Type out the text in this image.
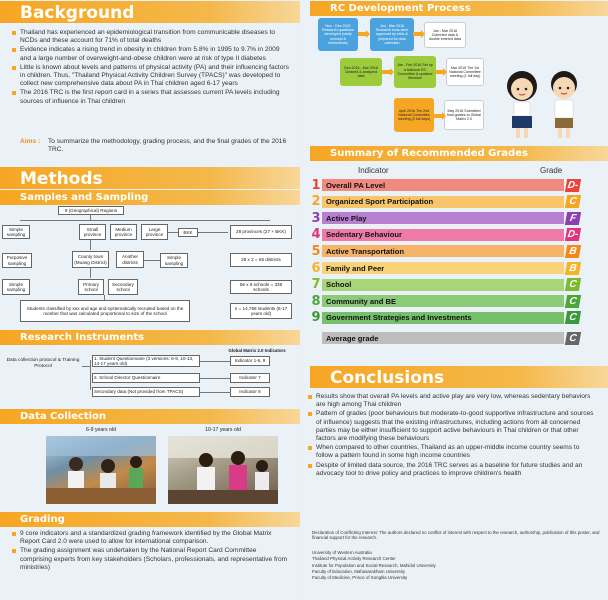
Background
Thailand has experienced an epidemiological transition from communicable diseases to NCDs and these account for 71% of total deaths
Evidence indicates a rising trend in obesity in children from 5.8% in 1995 to 9.7% in 2009 and a large number of overweight-and-obese children were at risk of type II diabetes
Little is known about levels and patterns of physical activity (PA) and their influencing factors in children. Thus, "Thailand Physical Activity Children Survey (TPACS)" was developed to collect new comprehensive data about PA in Thai children aged 6-17 years
The 2016 TRC is the first report card in a series that assesses current PA levels including sources of influence in Thai children
Aims :	To summarize the methodology, grading process, and the final grades of the 2016 TRC.
Methods
Samples and Sampling
9 (Geographical) Regions
Simple sampling
Small province
Medium province
Large province	BKK	28 provinces (27 + BKK)
Purposive sampling
County town (Muang District)
Another districts
Simple sampling
28 x 2 = 56 districts
Simple sampling
Primary school
Secondary school
56 x 6 schools = 336 schools
Students classified by sex and age and systematically recruited based on the number that was calculated proportional to size of the school
n = 14,768 students (6-17 years old)
Research Instruments
Global Matrix 2.0 Indicators
Data collection protocol & Training Protocol
1. Student Questionnaire (3 versions: 6-9, 10-13, 14-17 years old)
2. School Director Questionnaire
Secondary data (Not provided from TPACS)
Indicator 1-6, 9
Indicator 7
Indicator 8
Data Collection
6-9 years old	10-17 years old
Grading
9 core indicators and a standardized grading framework identified by the Global Matrix Report Card 2.0 were used to allow for international comparison.
The grading assignment was undertaken by the National Report Card Committee comprising experts from key stakeholders (Scholars, professionals, and representative from ministries)
RC Development Process
Nov - Dec 2015 Research questions developed (study concept & instruments)
Jan - Mar 2016 Research tools were approved by ethic & prepared for data collection
Jan - Mar 2016 Collected data & double entered data
Dec 2016 - Mar 2016 Cleaned & analyzed data
Jan - Feb 2016 Set up a National RC Committee & updated literature
Mar 2016 The 1st National Committee meeting (1 full day)
April 2016 The 2nd National Committee meeting (2 full days)
May 2016 Submitted final grades to Global Matrix 2.0
Summary of Recommended Grades
Indicator	Grade
1 Overall PA Level	D-
2 Organized Sport Participation	C
3 Active Play	F
4 Sedentary Behaviour	D-
5 Active Transportation	B
6 Family and Peer	B
7 School	C
8 Community and BE	C
9 Government Strategies and Investments	C
Average grade	C
Conclusions
Results show that overall PA levels and active play are very low, whereas sedentary behaviors are high among Thai children
Pattern of grades (poor behaviours but moderate-to-good supportive infrastructure and sources of influence) suggests that the existing infrastructures, including actions from all concerned parties may be either insufficient to support active behaviours in Thai children or that other factors are modifying these behaviours
When compared to other countries, Thailand as an upper-middle income country seems to follow a pattern found in some high income countries
Despite of limited data source, the 2016 TRC serves as a baseline for future studies and an advocacy tool to drive policy and practices to improve children's health
Declaration of Conflicting Interest: The authors declared no conflict of interest with respect to the research, authorship, publication of this poster, and financial support for the research.
University of Western Australia
Thailand Physical Activity Research Center
Institute for Population and Social Research, Mahidol University
Faculty of Education, Mahasarakham University
Faculty of Medicine, Prince of Songkla University
